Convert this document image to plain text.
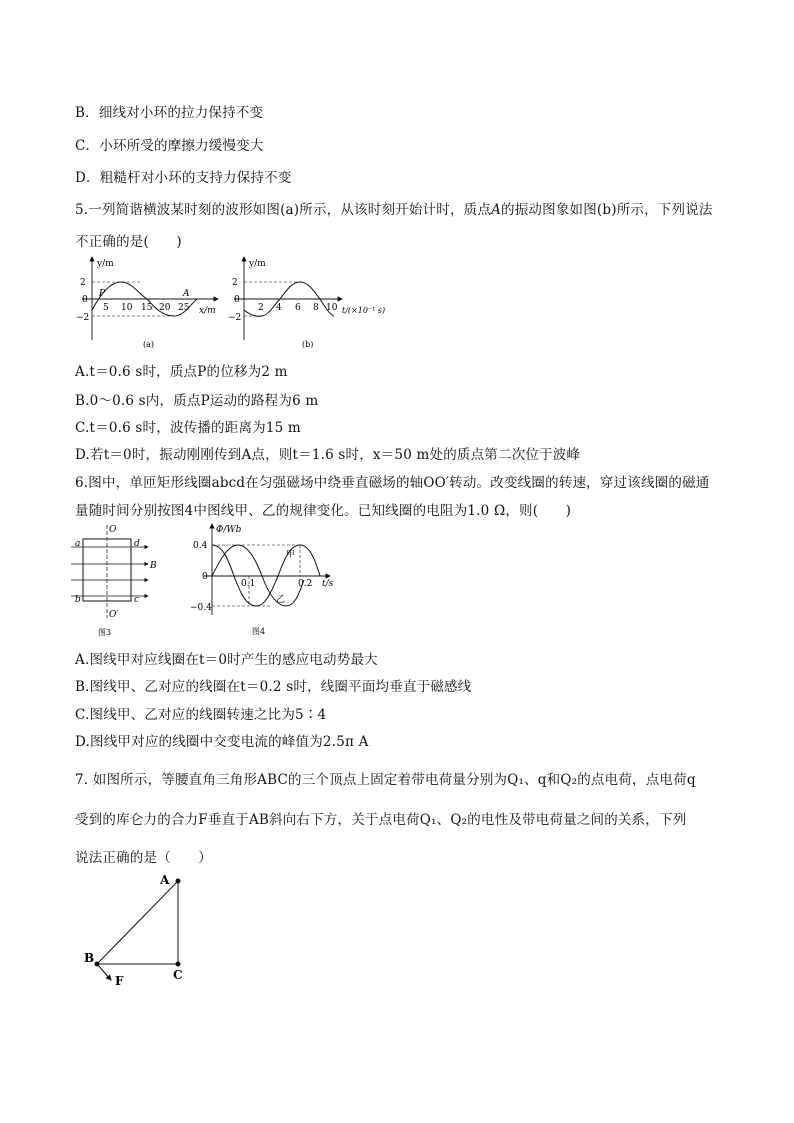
B．细线对小环的拉力保持不变
C．小环所受的摩擦力缓慢变大
D．粗糙杆对小环的支持力保持不变
5.一列简谐横波某时刻的波形如图(a)所示，从该时刻开始计时，质点A的振动图象如图(b)所示，下列说法
不正确的是(　　)
y/m
2
0
−2
5 10 15 20 25 x/m
P	A
(a)
y/m
2
0
−2
2 4 6 8 10 t/(×10⁻¹ s)
(b)
A.t＝0.6 s时，质点P的位移为2 m
B.0～0.6 s内，质点P运动的路程为6 m
C.t＝0.6 s时，波传播的距离为15 m
D.若t＝0时，振动刚刚传到A点，则t＝1.6 s时，x＝50 m处的质点第二次位于波峰
6.图中，单匝矩形线圈abcd在匀强磁场中绕垂直磁场的轴OO′转动。改变线圈的转速，穿过该线圈的磁通
量随时间分别按图4中图线甲、乙的规律变化。已知线圈的电阻为1.0 Ω，则(　　)
O
O′
a	d
b	c
B
图3
Φ/Wb
0.4
0
−0.4
0.1	0.2 t/s
甲
乙
图4
A.图线甲对应线圈在t＝0时产生的感应电动势最大
B.图线甲、乙对应的线圈在t＝0.2 s时，线圈平面均垂直于磁感线
C.图线甲、乙对应的线圈转速之比为5∶4
D.图线甲对应的线圈中交变电流的峰值为2.5π A
7. 如图所示，等腰直角三角形ABC的三个顶点上固定着带电荷量分别为Q₁、q和Q₂的点电荷，点电荷q
受到的库仑力的合力F垂直于AB斜向右下方，关于点电荷Q₁、Q₂的电性及带电荷量之间的关系，下列
说法正确的是（　　）
A
B
C
F
